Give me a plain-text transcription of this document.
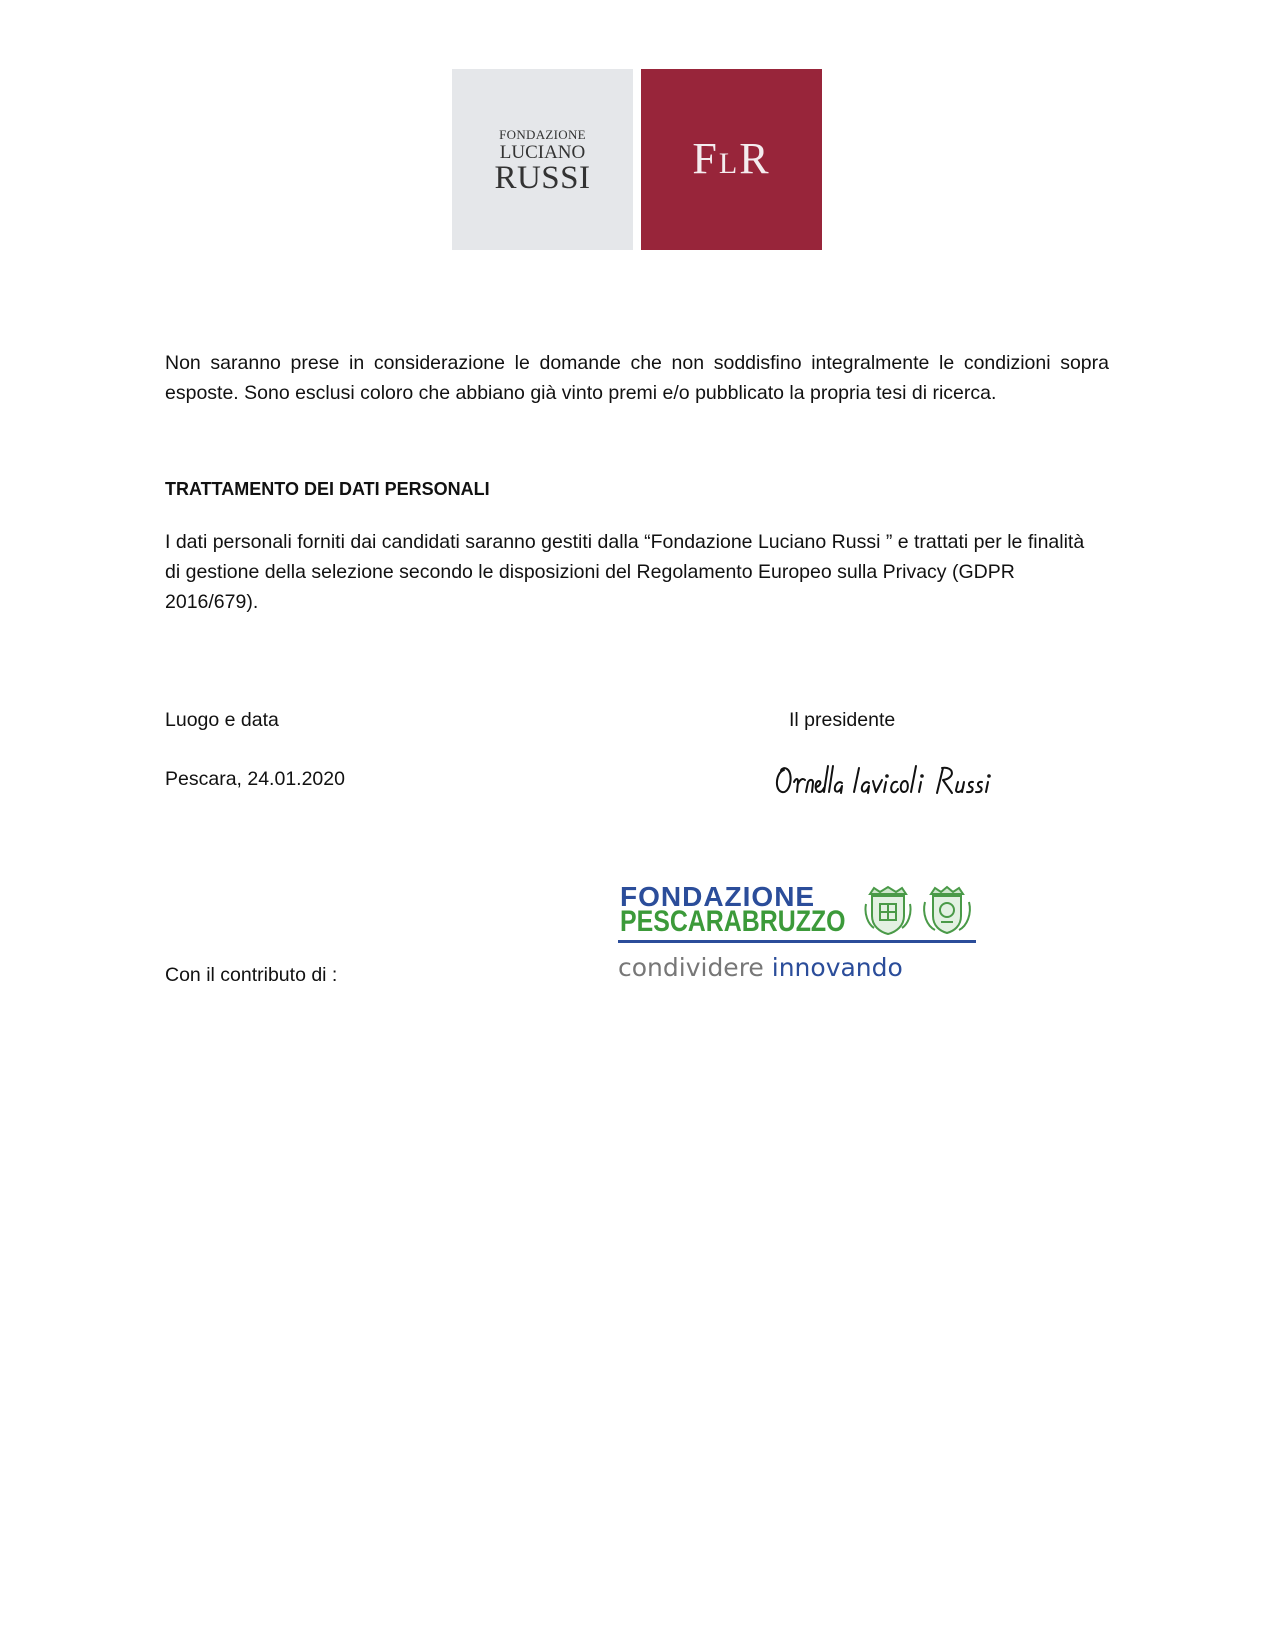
FONDAZIONE
LUCIANO
RUSSI	FLR
Non saranno prese in considerazione le domande che non soddisfino integralmente le condizioni sopra esposte. Sono esclusi coloro che abbiano già vinto premi e/o pubblicato la propria tesi di ricerca.
TRATTAMENTO DEI DATI PERSONALI
I dati personali forniti dai candidati saranno gestiti dalla “Fondazione Luciano Russi ” e trattati per le finalità
di gestione della selezione secondo le disposizioni del Regolamento Europeo sulla Privacy (GDPR 2016/679).
Luogo e data	Il presidente
Pescara, 24.01.2020
Con il contributo di :
FONDAZIONE
PESCARABRUZZO
condividere innovando
